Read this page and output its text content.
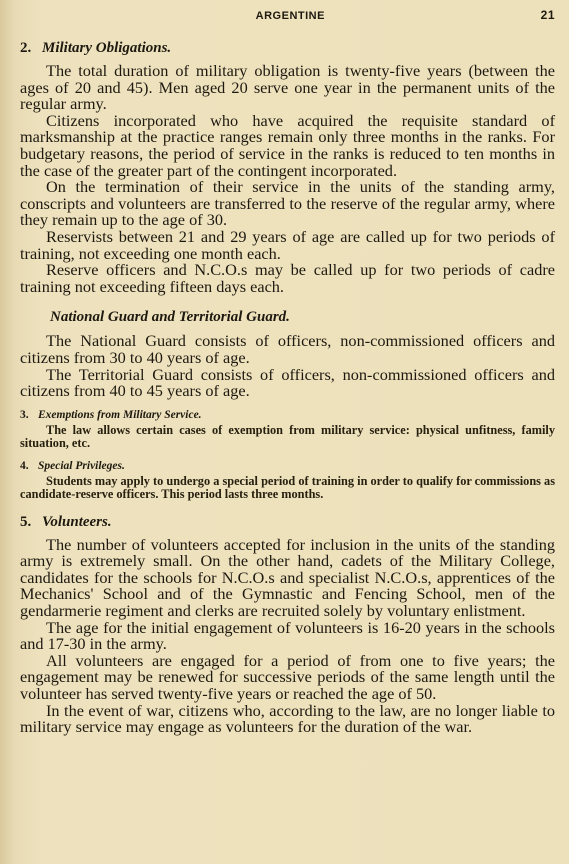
ARGENTINE	21
2. Military Obligations.

The total duration of military obligation is twenty-five years (between the ages of 20 and 45). Men aged 20 serve one year in the permanent units of the regular army.

Citizens incorporated who have acquired the requisite standard of marksmanship at the practice ranges remain only three months in the ranks. For budgetary reasons, the period of service in the ranks is reduced to ten months in the case of the greater part of the contingent incorporated.

On the termination of their service in the units of the standing army, conscripts and volunteers are transferred to the reserve of the regular army, where they remain up to the age of 30.

Reservists between 21 and 29 years of age are called up for two periods of training, not exceeding one month each.

Reserve officers and N.C.O.s may be called up for two periods of cadre training not exceeding fifteen days each.

National Guard and Territorial Guard.

The National Guard consists of officers, non-commissioned officers and citizens from 30 to 40 years of age.

The Territorial Guard consists of officers, non-commissioned officers and citizens from 40 to 45 years of age.

3. Exemptions from Military Service.

The law allows certain cases of exemption from military service: physical unfitness, family situation, etc.

4. Special Privileges.

Students may apply to undergo a special period of training in order to qualify for commissions as candidate-reserve officers. This period lasts three months.

5. Volunteers.

The number of volunteers accepted for inclusion in the units of the standing army is extremely small. On the other hand, cadets of the Military College, candidates for the schools for N.C.O.s and specialist N.C.O.s, apprentices of the Mechanics' School and of the Gymnastic and Fencing School, men of the gendarmerie regiment and clerks are recruited solely by voluntary enlistment.

The age for the initial engagement of volunteers is 16-20 years in the schools and 17-30 in the army.

All volunteers are engaged for a period of from one to five years; the engagement may be renewed for successive periods of the same length until the volunteer has served twenty-five years or reached the age of 50.

In the event of war, citizens who, according to the law, are no longer liable to military service may engage as volunteers for the duration of the war.
